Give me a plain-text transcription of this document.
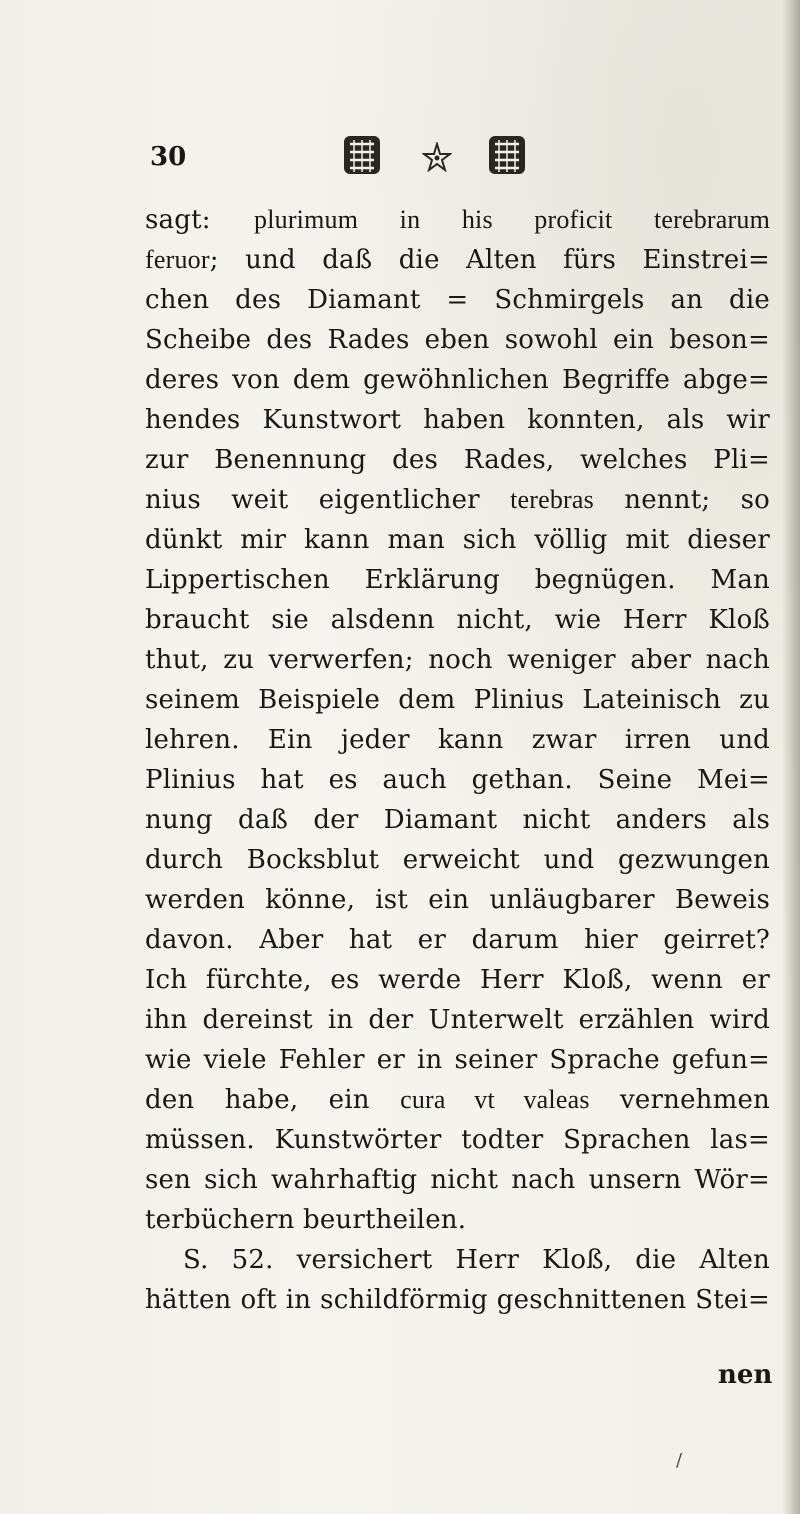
30
sagt: plurimum in his proficit terebrarum
feruor; und daß die Alten fürs Einstrei=
chen des Diamant = Schmirgels an die
Scheibe des Rades eben sowohl ein beson=
deres von dem gewöhnlichen Begriffe abge=
hendes Kunstwort haben konnten, als wir
zur Benennung des Rades, welches Pli=
nius weit eigentlicher terebras nennt; so
dünkt mir kann man sich völlig mit dieser
Lippertischen Erklärung begnügen. Man
braucht sie alsdenn nicht, wie Herr Kloß
thut, zu verwerfen; noch weniger aber nach
seinem Beispiele dem Plinius Lateinisch zu
lehren. Ein jeder kann zwar irren und
Plinius hat es auch gethan. Seine Mei=
nung daß der Diamant nicht anders als
durch Bocksblut erweicht und gezwungen
werden könne, ist ein unläugbarer Beweis
davon. Aber hat er darum hier geirret?
Ich fürchte, es werde Herr Kloß, wenn er
ihn dereinst in der Unterwelt erzählen wird
wie viele Fehler er in seiner Sprache gefun=
den habe, ein cura vt valeas vernehmen
müssen. Kunstwörter todter Sprachen las=
sen sich wahrhaftig nicht nach unsern Wör=
terbüchern beurtheilen.
S. 52. versichert Herr Kloß, die Alten
hätten oft in schildförmig geschnittenen Stei=
nen
/
